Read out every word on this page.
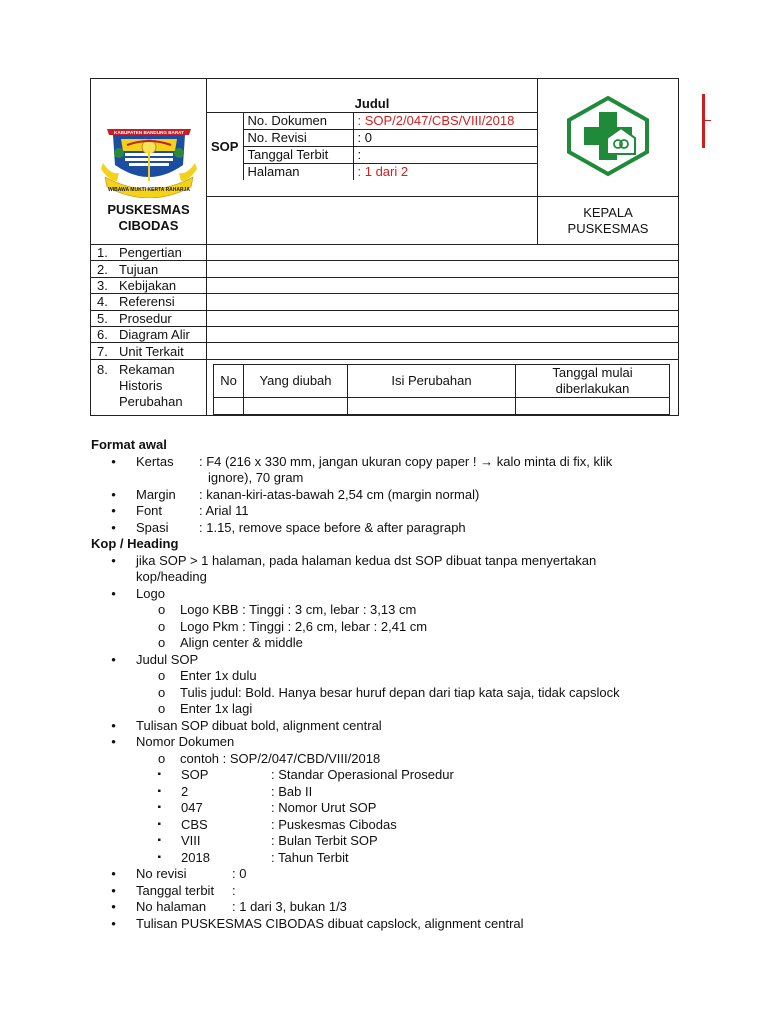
KABUPATEN BANDUNG BARAT
WIBAWA MUKTI KERTA RAHARJA

Judul
SOP	No. Dokumen	: SOP/2/047/CBS/VIII/2018
No. Revisi	: 0
Tanggal Terbit	:
Halaman	: 1 dari 2

KEPALA
PUSKESMAS

1. Pengertian	
2. Tujuan	
3. Kebijakan	
4. Referensi	
5. Prosedur	
6. Diagram Alir	
7. Unit Terkait	

8. Rekaman
Historis
Perubahan

No	Yang diubah	Isi Perubahan	Tanggal mulai diberlakukan

PUSKESMAS
CIBODAS
Format awal
•	Kertas	: F4 (216 x 330 mm, jangan ukuran copy paper ! → kalo minta di fix, klik
ignore), 70 gram
•	Margin	: kanan-kiri-atas-bawah 2,54 cm (margin normal)
•	Font	: Arial 11
•	Spasi	: 1.15, remove space before & after paragraph
Kop / Heading
•	jika SOP > 1 halaman, pada halaman kedua dst SOP dibuat tanpa menyertakan
kop/heading
•	Logo
o	Logo KBB : Tinggi : 3 cm, lebar : 3,13 cm
o	Logo Pkm : Tinggi : 2,6 cm, lebar : 2,41 cm
o	Align center & middle
•	Judul SOP
o	Enter 1x dulu
o	Tulis judul: Bold. Hanya besar huruf depan dari tiap kata saja, tidak capslock
o	Enter 1x lagi
•	Tulisan SOP dibuat bold, alignment central
•	Nomor Dokumen
o	contoh : SOP/2/047/CBD/VIII/2018
▪	SOP	: Standar Operasional Prosedur
▪	2	: Bab II
▪	047	: Nomor Urut SOP
▪	CBS	: Puskesmas Cibodas
▪	VIII	: Bulan Terbit SOP
▪	2018	: Tahun Terbit
•	No revisi	: 0
•	Tanggal terbit	:
•	No halaman	: 1 dari 3, bukan 1/3
•	Tulisan PUSKESMAS CIBODAS dibuat capslock, alignment central
